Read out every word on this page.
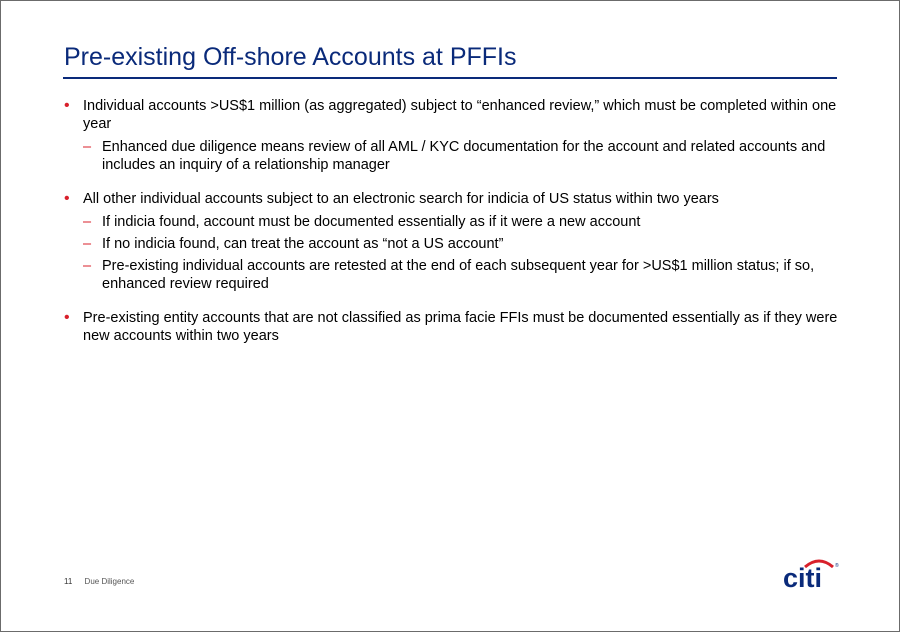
Pre-existing Off-shore Accounts at PFFIs
• Individual accounts >US$1 million (as aggregated) subject to “enhanced review,” which must be completed within one year
– Enhanced due diligence means review of all AML / KYC documentation for the account and related accounts and includes an inquiry of a relationship manager
• All other individual accounts subject to an electronic search for indicia of US status within two years
– If indicia found, account must be documented essentially as if it were a new account
– If no indicia found, can treat the account as “not a US account”
– Pre-existing individual accounts are retested at the end of each subsequent year for >US$1 million status; if so, enhanced review required
• Pre-existing entity accounts that are not classified as prima facie FFIs must be documented essentially as if they were new accounts within two years
11 Due Diligence	citi	®
